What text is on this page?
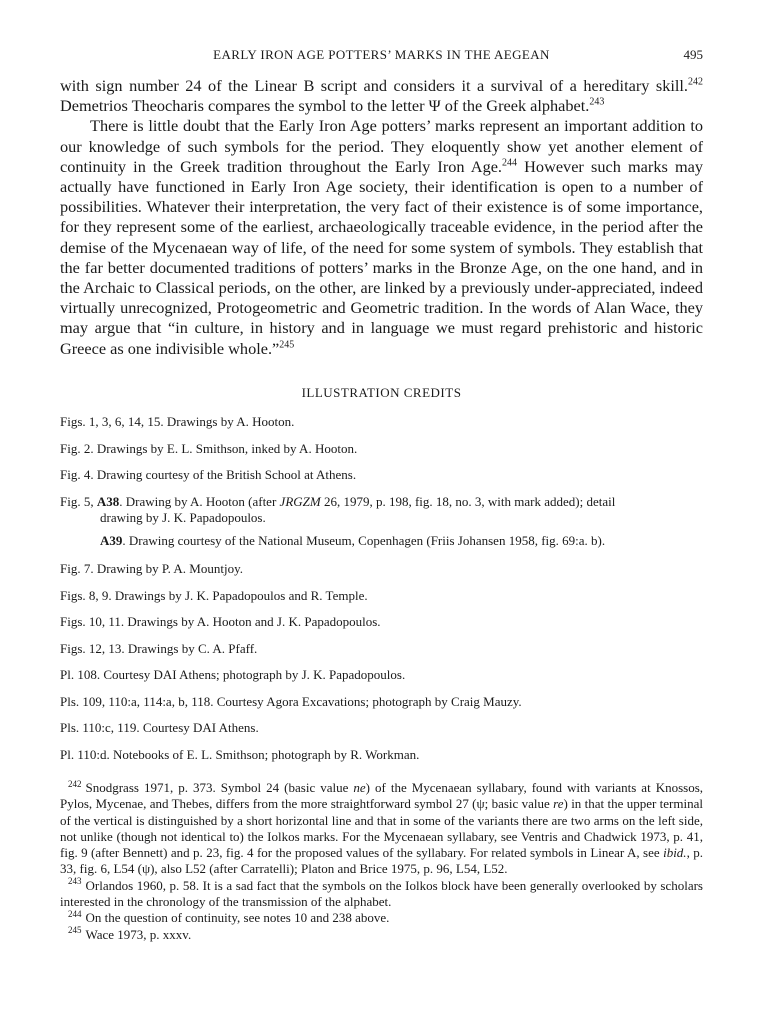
EARLY IRON AGE POTTERS’ MARKS IN THE AEGEAN	495

with sign number 24 of the Linear B script and considers it a survival of a hereditary skill.$^{242}$ Demetrios Theocharis compares the symbol to the letter Ψ of the Greek alphabet.$^{243}$

There is little doubt that the Early Iron Age potters’ marks represent an important addition to our knowledge of such symbols for the period. They eloquently show yet another element of continuity in the Greek tradition throughout the Early Iron Age.$^{244}$ However such marks may actually have functioned in Early Iron Age society, their identification is open to a number of possibilities. Whatever their interpretation, the very fact of their existence is of some importance, for they represent some of the earliest, archaeologically traceable evidence, in the period after the demise of the Mycenaean way of life, of the need for some system of symbols. They establish that the far better documented traditions of potters’ marks in the Bronze Age, on the one hand, and in the Archaic to Classical periods, on the other, are linked by a previously under-appreciated, indeed virtually unrecognized, Protogeometric and Geometric tradition. In the words of Alan Wace, they may argue that “in culture, in history and in language we must regard prehistoric and historic Greece as one indivisible whole.”$^{245}$

ILLUSTRATION CREDITS
Figs. 1, 3, 6, 14, 15. Drawings by A. Hooton.
Fig. 2. Drawings by E. L. Smithson, inked by A. Hooton.
Fig. 4. Drawing courtesy of the British School at Athens.
Fig. 5, A38. Drawing by A. Hooton (after JRGZM 26, 1979, p. 198, fig. 18, no. 3, with mark added); detail
drawing by J. K. Papadopoulos.
A39. Drawing courtesy of the National Museum, Copenhagen (Friis Johansen 1958, fig. 69:a. b).
Fig. 7. Drawing by P. A. Mountjoy.
Figs. 8, 9. Drawings by J. K. Papadopoulos and R. Temple.
Figs. 10, 11. Drawings by A. Hooton and J. K. Papadopoulos.
Figs. 12, 13. Drawings by C. A. Pfaff.
Pl. 108. Courtesy DAI Athens; photograph by J. K. Papadopoulos.
Pls. 109, 110:a, 114:a, b, 118. Courtesy Agora Excavations; photograph by Craig Mauzy.
Pls. 110:c, 119. Courtesy DAI Athens.
Pl. 110:d. Notebooks of E. L. Smithson; photograph by R. Workman.

$^{242}$ Snodgrass 1971, p. 373. Symbol 24 (basic value ne) of the Mycenaean syllabary, found with variants at Knossos, Pylos, Mycenae, and Thebes, differs from the more straightforward symbol 27 (ψ; basic value re) in that the upper terminal of the vertical is distinguished by a short horizontal line and that in some of the variants there are two arms on the left side, not unlike (though not identical to) the Iolkos marks. For the Mycenaean syllabary, see Ventris and Chadwick 1973, p. 41, fig. 9 (after Bennett) and p. 23, fig. 4 for the proposed values of the syllabary. For related symbols in Linear A, see ibid., p. 33, fig. 6, L54 (ψ), also L52 (after Carratelli); Platon and Brice 1975, p. 96, L54, L52.

$^{243}$ Orlandos 1960, p. 58. It is a sad fact that the symbols on the Iolkos block have been generally overlooked by scholars interested in the chronology of the transmission of the alphabet.

$^{244}$ On the question of continuity, see notes 10 and 238 above.

$^{245}$ Wace 1973, p. xxxv.
